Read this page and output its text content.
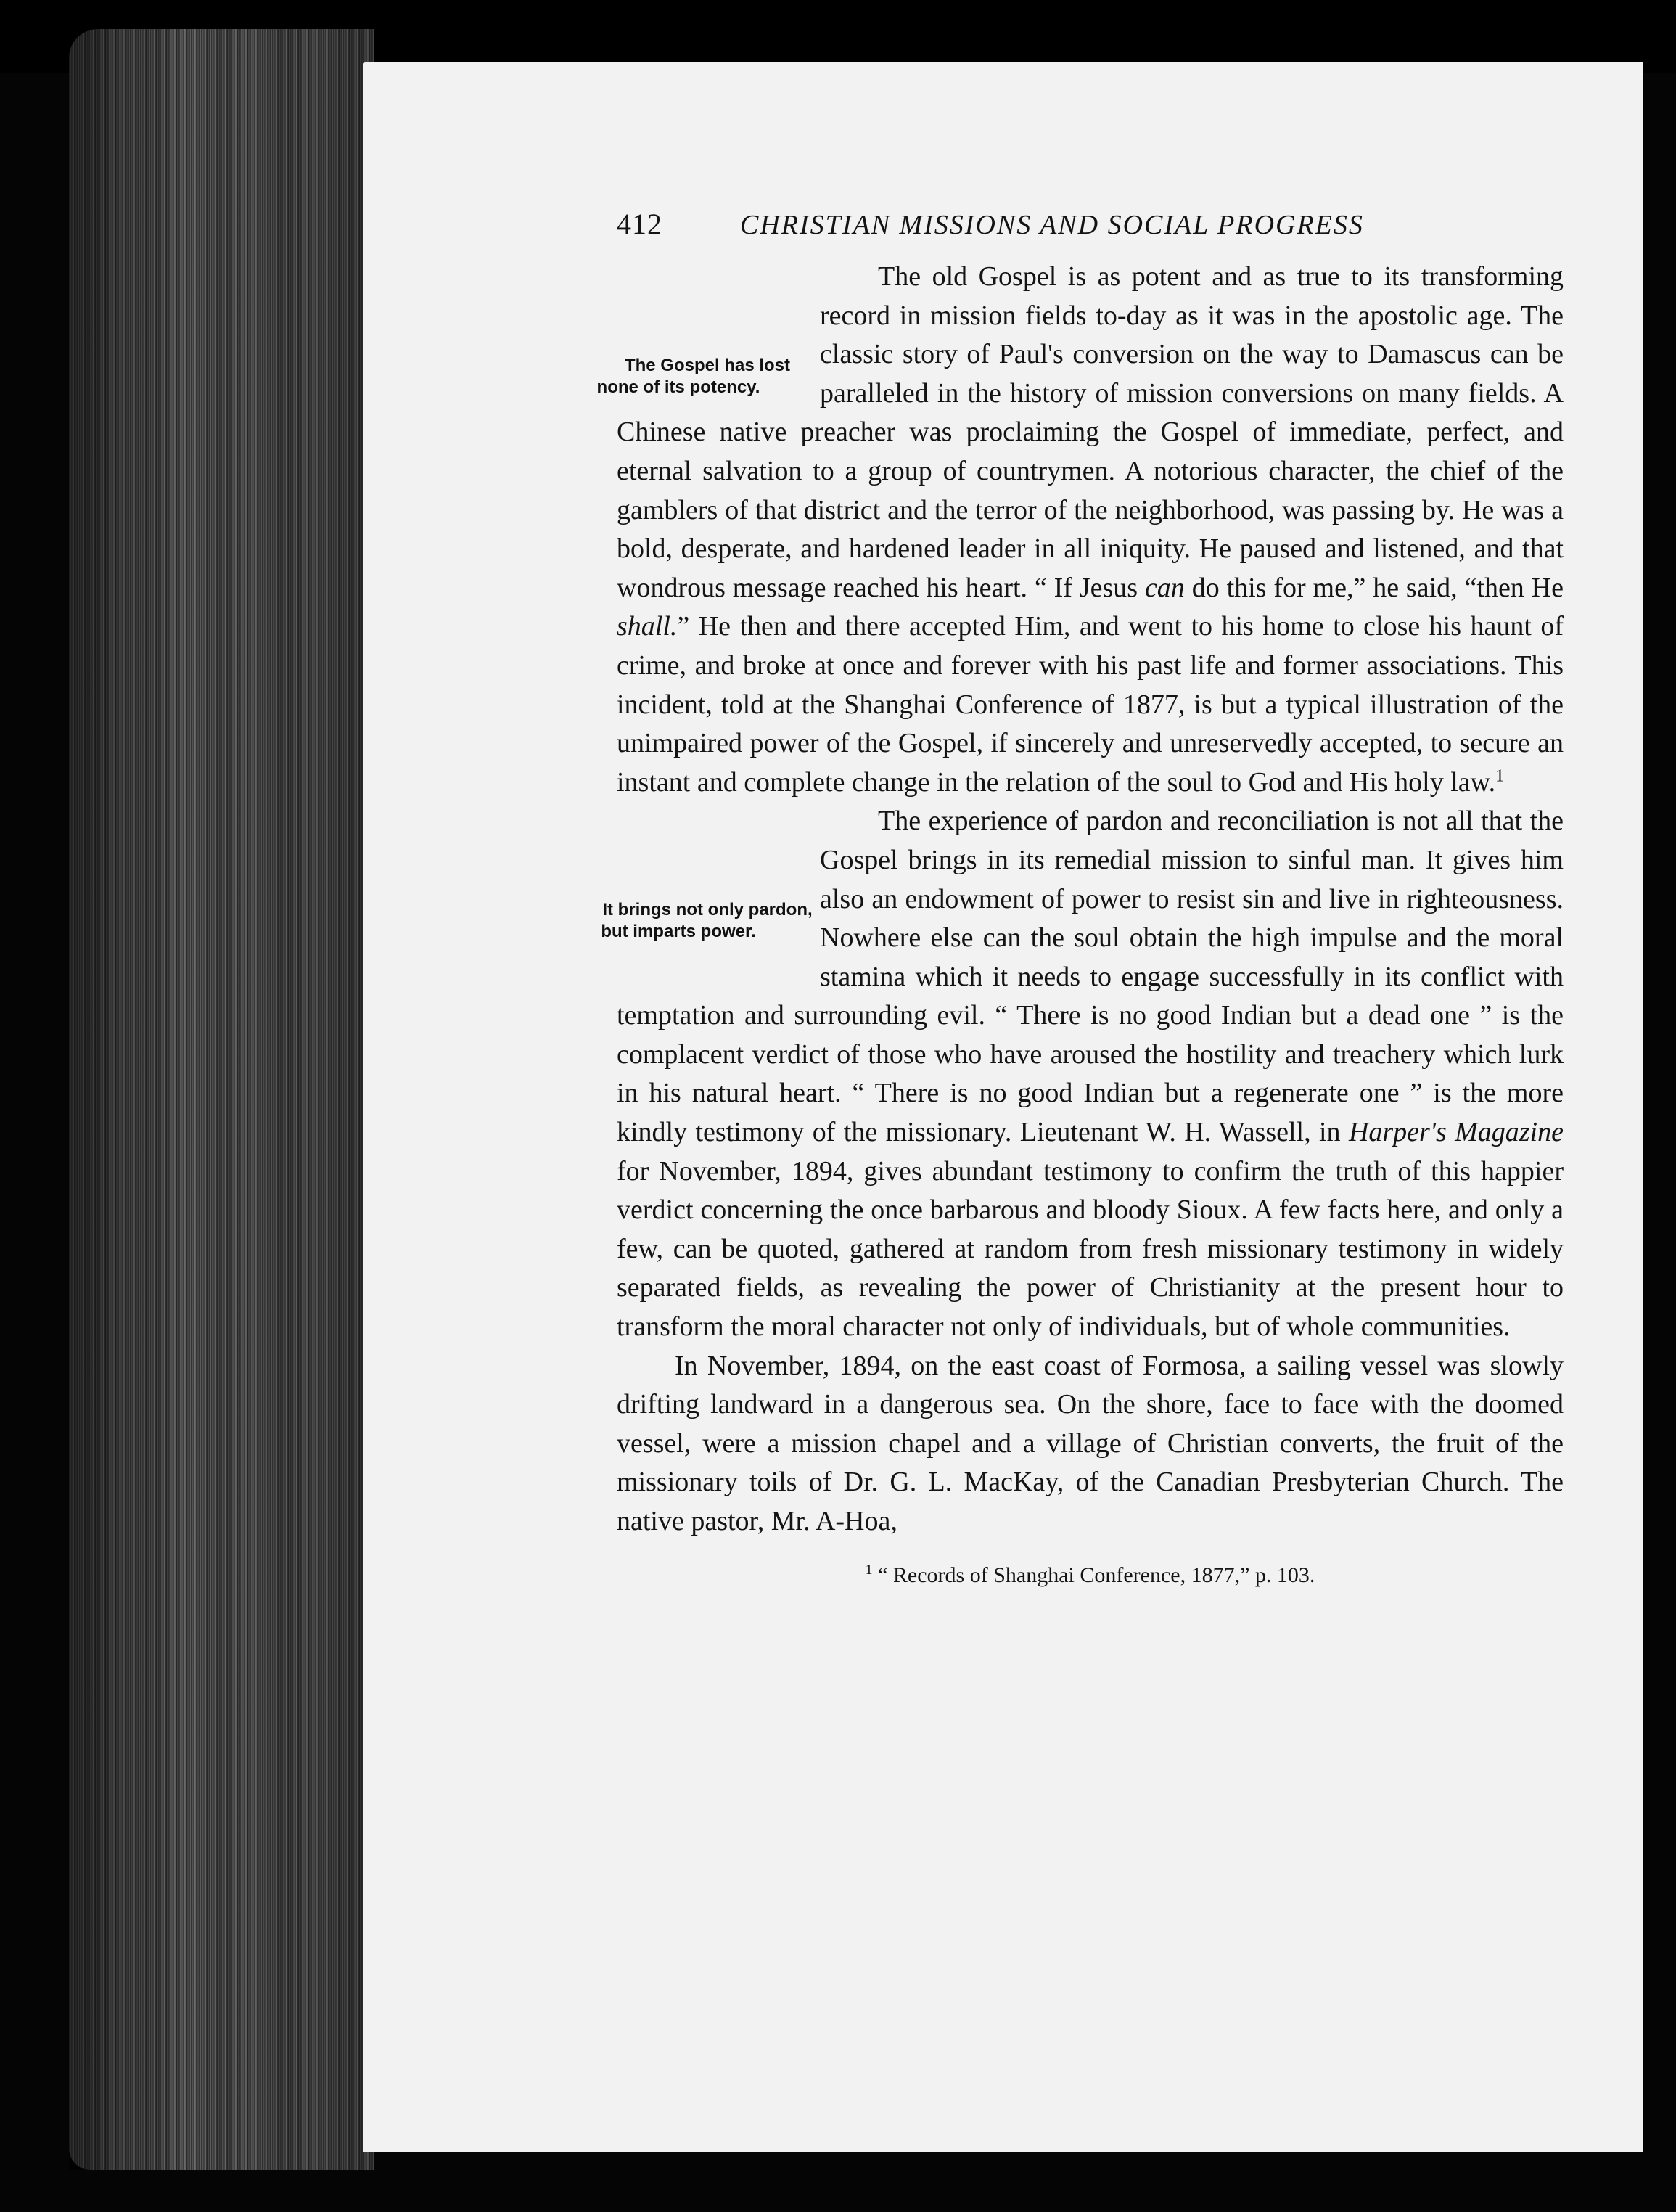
412	CHRISTIAN MISSIONS AND SOCIAL PROGRESS

The Gospel has lost none of its potency.
The old Gospel is as potent and as true to its transforming record in mission fields to-day as it was in the apostolic age. The classic story of Paul's conversion on the way to Damascus can be paralleled in the history of mission conversions on many fields. A Chinese native preacher was proclaiming the Gospel of immediate, perfect, and eternal salvation to a group of countrymen. A notorious character, the chief of the gamblers of that district and the terror of the neighborhood, was passing by. He was a bold, desperate, and hardened leader in all iniquity. He paused and listened, and that wondrous message reached his heart. “ If Jesus can do this for me,” he said, “then He shall.” He then and there accepted Him, and went to his home to close his haunt of crime, and broke at once and forever with his past life and former associations. This incident, told at the Shanghai Conference of 1877, is but a typical illustration of the unimpaired power of the Gospel, if sincerely and unreservedly accepted, to secure an instant and complete change in the relation of the soul to God and His holy law.$^1$

It brings not only pardon, but imparts power.
The experience of pardon and reconciliation is not all that the Gospel brings in its remedial mission to sinful man. It gives him also an endowment of power to resist sin and live in righteousness. Nowhere else can the soul obtain the high impulse and the moral stamina which it needs to engage successfully in its conflict with temptation and surrounding evil. “ There is no good Indian but a dead one ” is the complacent verdict of those who have aroused the hostility and treachery which lurk in his natural heart. “ There is no good Indian but a regenerate one ” is the more kindly testimony of the missionary. Lieutenant W. H. Wassell, in Harper's Magazine for November, 1894, gives abundant testimony to confirm the truth of this happier verdict concerning the once barbarous and bloody Sioux. A few facts here, and only a few, can be quoted, gathered at random from fresh missionary testimony in widely separated fields, as revealing the power of Christianity at the present hour to transform the moral character not only of individuals, but of whole communities.

In November, 1894, on the east coast of Formosa, a sailing vessel was slowly drifting landward in a dangerous sea. On the shore, face to face with the doomed vessel, were a mission chapel and a village of Christian converts, the fruit of the missionary toils of Dr. G. L. MacKay, of the Canadian Presbyterian Church. The native pastor, Mr. A-Hoa,

$^1$ “ Records of Shanghai Conference, 1877,” p. 103.
